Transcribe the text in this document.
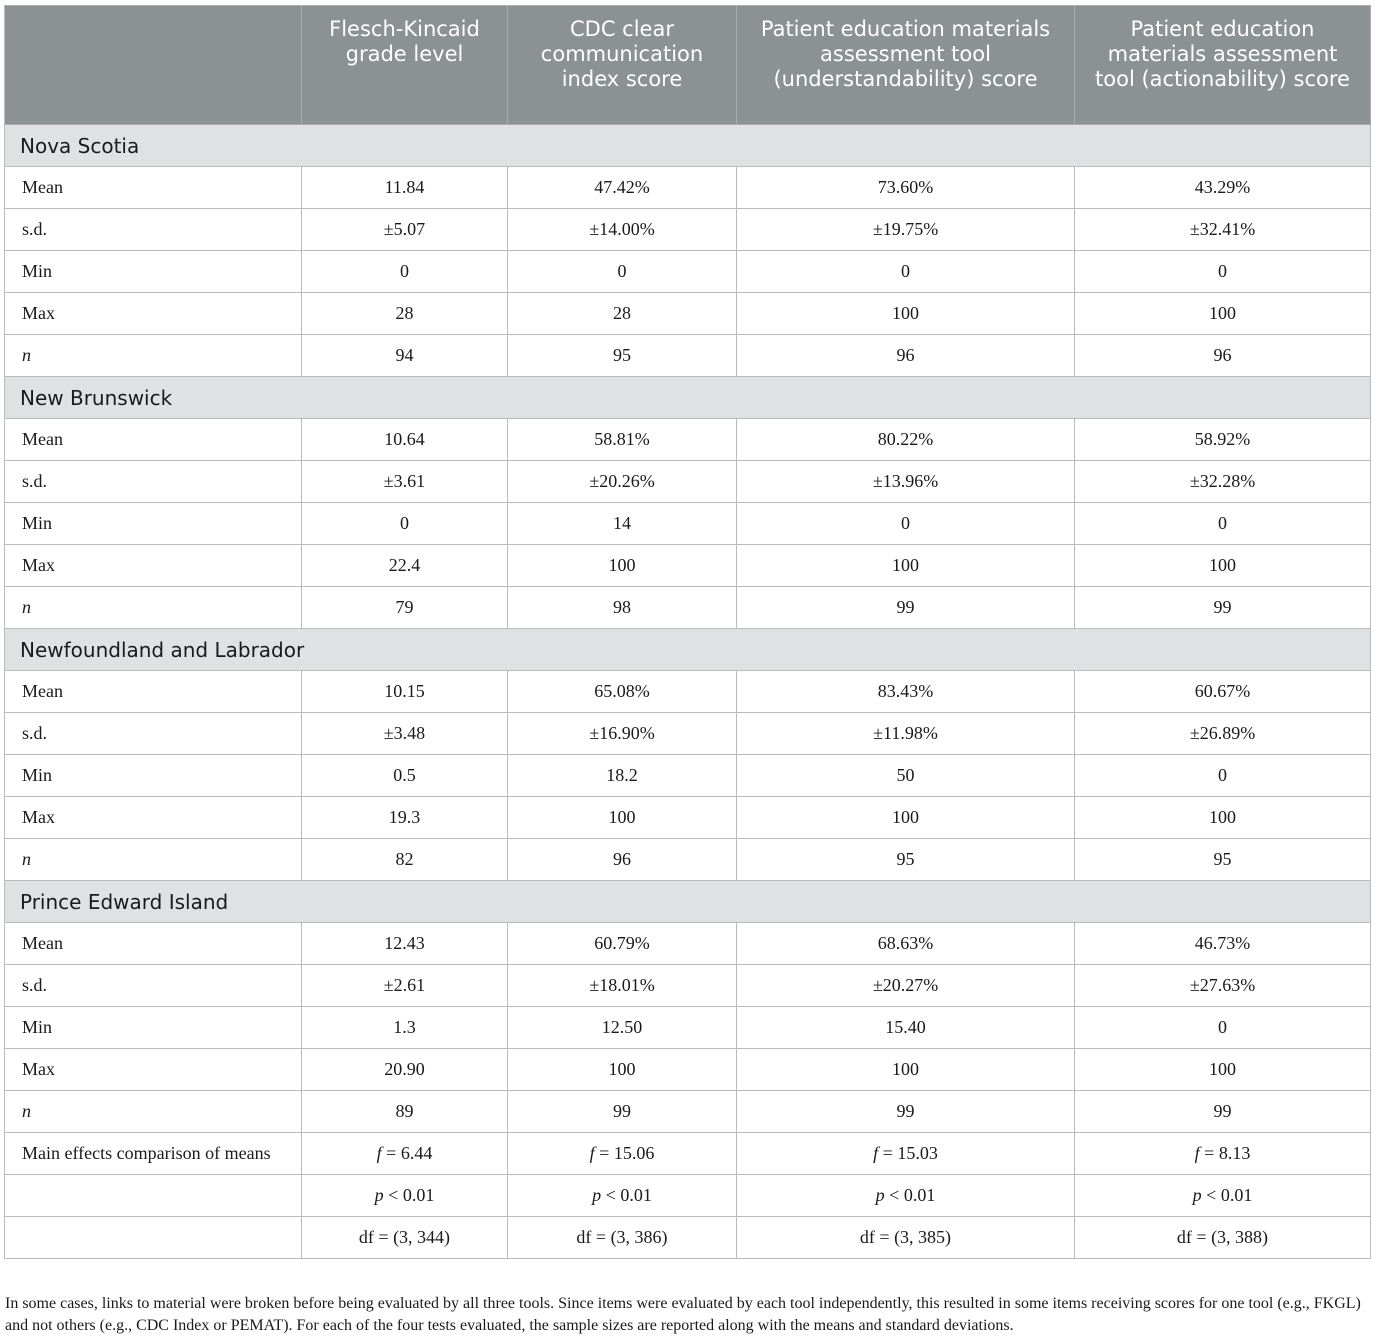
	Flesch-Kincaid grade level	CDC clear communication index score	Patient education materials assessment tool (understandability) score	Patient education materials assessment tool (actionability) score
Nova Scotia				
Mean	11.84	47.42%	73.60%	43.29%
s.d.	±5.07	±14.00%	±19.75%	±32.41%
Min	0	0	0	0
Max	28	28	100	100
n	94	95	96	96
New Brunswick				
Mean	10.64	58.81%	80.22%	58.92%
s.d.	±3.61	±20.26%	±13.96%	±32.28%
Min	0	14	0	0
Max	22.4	100	100	100
n	79	98	99	99
Newfoundland and Labrador				
Mean	10.15	65.08%	83.43%	60.67%
s.d.	±3.48	±16.90%	±11.98%	±26.89%
Min	0.5	18.2	50	0
Max	19.3	100	100	100
n	82	96	95	95
Prince Edward Island				
Mean	12.43	60.79%	68.63%	46.73%
s.d.	±2.61	±18.01%	±20.27%	±27.63%
Min	1.3	12.50	15.40	0
Max	20.90	100	100	100
n	89	99	99	99
Main effects comparison of means	f = 6.44	f = 15.06	f = 15.03	f = 8.13
	p < 0.01	p < 0.01	p < 0.01	p < 0.01
	df = (3, 344)	df = (3, 386)	df = (3, 385)	df = (3, 388)

In some cases, links to material were broken before being evaluated by all three tools. Since items were evaluated by each tool independently, this resulted in some items receiving scores for one tool (e.g., FKGL) and not others (e.g., CDC Index or PEMAT). For each of the four tests evaluated, the sample sizes are reported along with the means and standard deviations.
